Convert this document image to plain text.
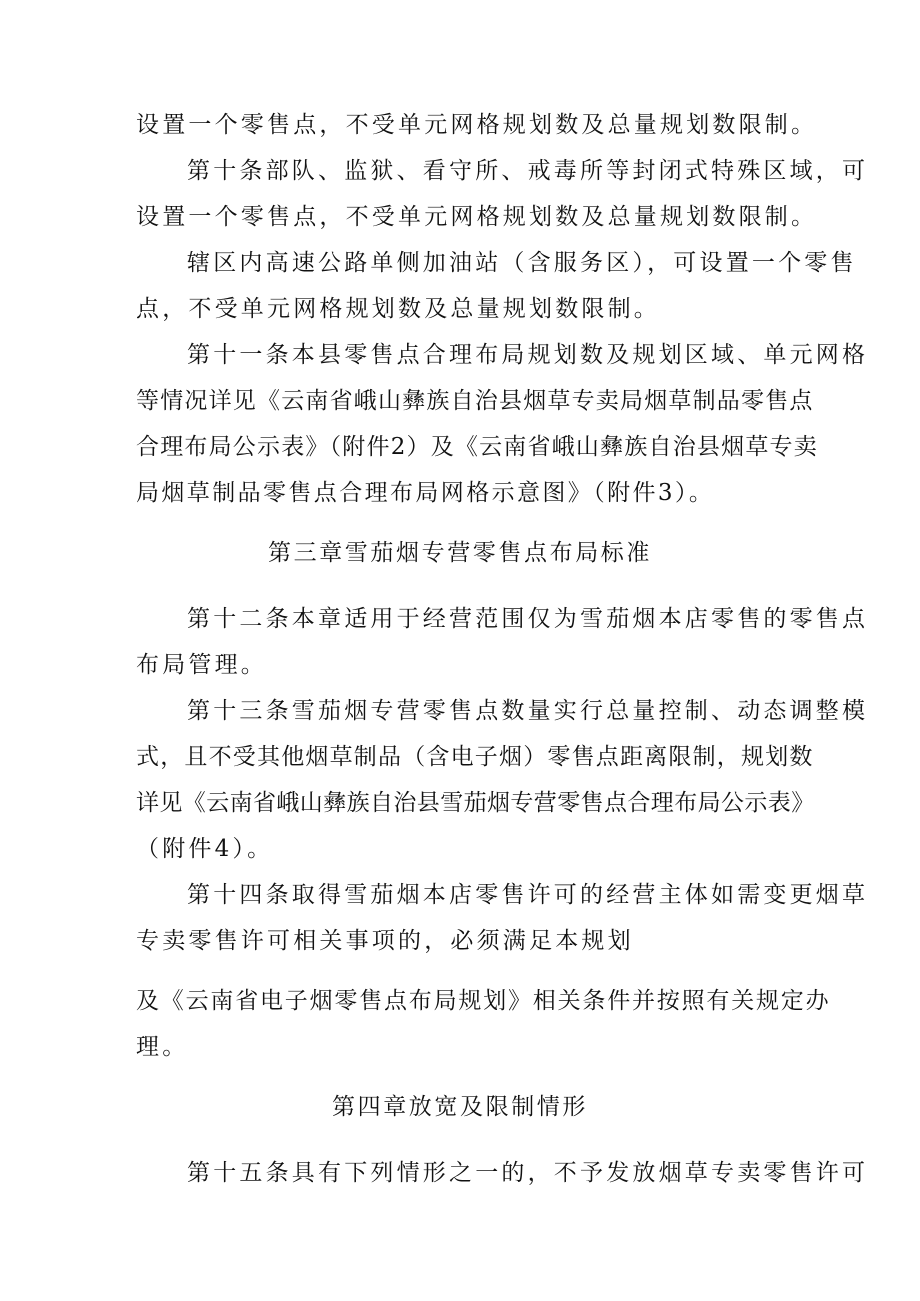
设置一个零售点，不受单元网格规划数及总量规划数限制。
第十条部队、监狱、看守所、戒毒所等封闭式特殊区域，可
设置一个零售点，不受单元网格规划数及总量规划数限制。
辖区内高速公路单侧加油站（含服务区），可设置一个零售
点，不受单元网格规划数及总量规划数限制。
第十一条本县零售点合理布局规划数及规划区域、单元网格
等情况详见《云南省峨山彝族自治县烟草专卖局烟草制品零售点
合理布局公示表》（附件2）及《云南省峨山彝族自治县烟草专卖
局烟草制品零售点合理布局网格示意图》（附件3）。
第三章雪茄烟专营零售点布局标准
第十二条本章适用于经营范围仅为雪茄烟本店零售的零售点
布局管理。
第十三条雪茄烟专营零售点数量实行总量控制、动态调整模
式，且不受其他烟草制品（含电子烟）零售点距离限制，规划数
详见《云南省峨山彝族自治县雪茄烟专营零售点合理布局公示表》
（附件4）。
第十四条取得雪茄烟本店零售许可的经营主体如需变更烟草
专卖零售许可相关事项的，必须满足本规划
及《云南省电子烟零售点布局规划》相关条件并按照有关规定办
理。
第四章放宽及限制情形
第十五条具有下列情形之一的，不予发放烟草专卖零售许可
